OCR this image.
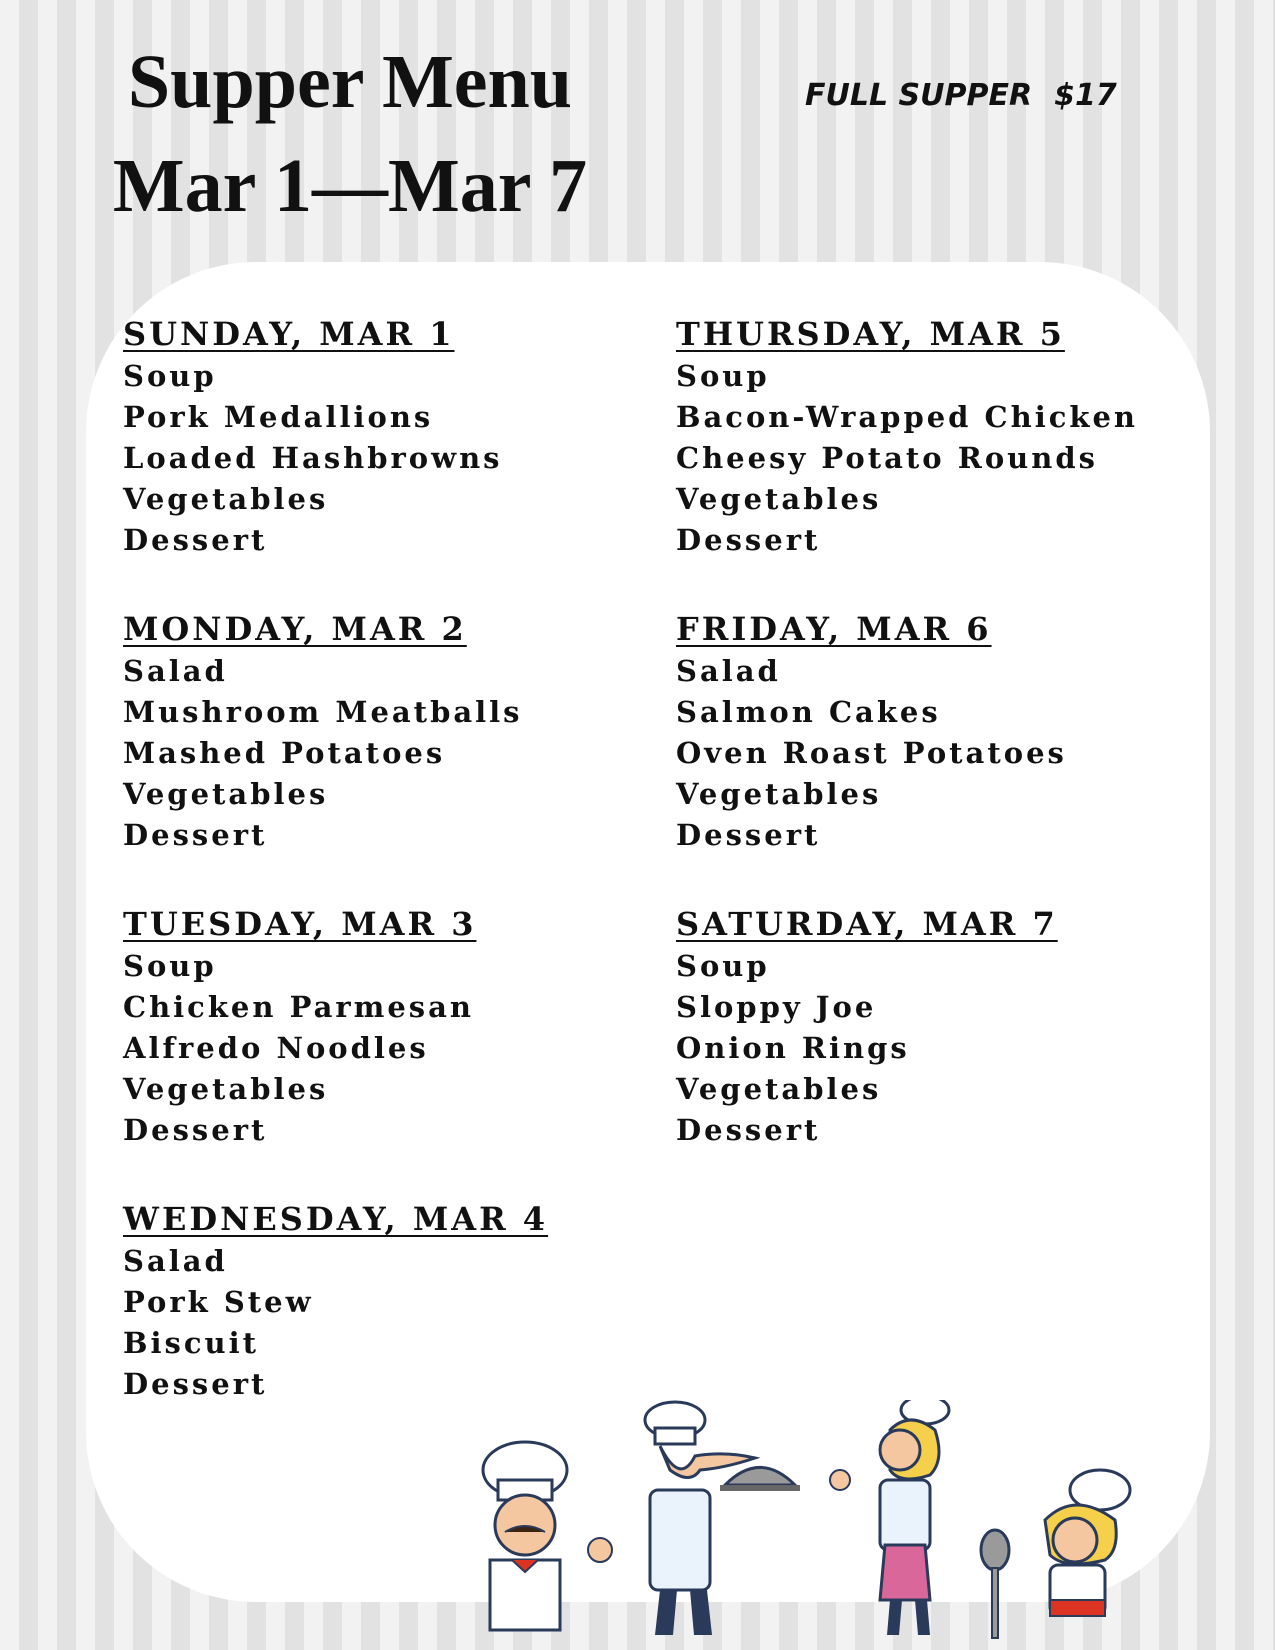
Supper Menu
Mar 1—Mar 7
FULL SUPPER $17
SUNDAY, MAR 1
Soup
Pork Medallions
Loaded Hashbrowns
Vegetables
Dessert
MONDAY, MAR 2
Salad
Mushroom Meatballs
Mashed Potatoes
Vegetables
Dessert
TUESDAY, MAR 3
Soup
Chicken Parmesan
Alfredo Noodles
Vegetables
Dessert
WEDNESDAY, MAR 4
Salad
Pork Stew
Biscuit
Dessert
THURSDAY, MAR 5
Soup
Bacon-Wrapped Chicken
Cheesy Potato Rounds
Vegetables
Dessert
FRIDAY, MAR 6
Salad
Salmon Cakes
Oven Roast Potatoes
Vegetables
Dessert
SATURDAY, MAR 7
Soup
Sloppy Joe
Onion Rings
Vegetables
Dessert
